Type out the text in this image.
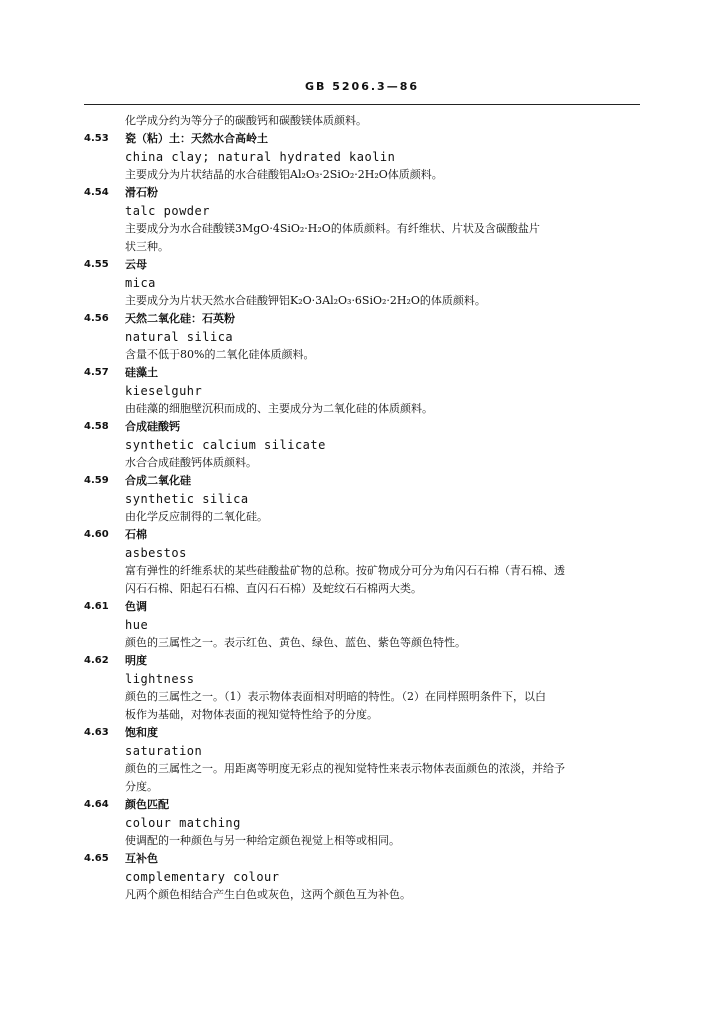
GB 5206.3—86
化学成分约为等分子的碳酸钙和碳酸镁体质颜料。
4.53 瓷（粘）土：天然水合高岭土
china clay; natural hydrated kaolin
主要成分为片状结晶的水合硅酸铝Al₂O₃·2SiO₂·2H₂O体质颜料。
4.54 滑石粉
talc powder
主要成分为水合硅酸镁3MgO·4SiO₂·H₂O的体质颜料。有纤维状、片状及含碳酸盐片
状三种。
4.55 云母
mica
主要成分为片状天然水合硅酸钾铝K₂O·3Al₂O₃·6SiO₂·2H₂O的体质颜料。
4.56 天然二氧化硅：石英粉
natural silica
含量不低于80%的二氧化硅体质颜料。
4.57 硅藻土
kieselguhr
由硅藻的细胞壁沉积而成的、主要成分为二氧化硅的体质颜料。
4.58 合成硅酸钙
synthetic calcium silicate
水合合成硅酸钙体质颜料。
4.59 合成二氧化硅
synthetic silica
由化学反应制得的二氧化硅。
4.60 石棉
asbestos
富有弹性的纤维系状的某些硅酸盐矿物的总称。按矿物成分可分为角闪石石棉（青石棉、透
闪石石棉、阳起石石棉、直闪石石棉）及蛇纹石石棉两大类。
4.61 色调
hue
颜色的三属性之一。表示红色、黄色、绿色、蓝色、紫色等颜色特性。
4.62 明度
lightness
颜色的三属性之一。（1）表示物体表面相对明暗的特性。（2）在同样照明条件下，以白
板作为基础，对物体表面的视知觉特性给予的分度。
4.63 饱和度
saturation
颜色的三属性之一。用距离等明度无彩点的视知觉特性来表示物体表面颜色的浓淡，并给予
分度。
4.64 颜色匹配
colour matching
使调配的一种颜色与另一种给定颜色视觉上相等或相同。
4.65 互补色
complementary colour
凡两个颜色相结合产生白色或灰色，这两个颜色互为补色。
